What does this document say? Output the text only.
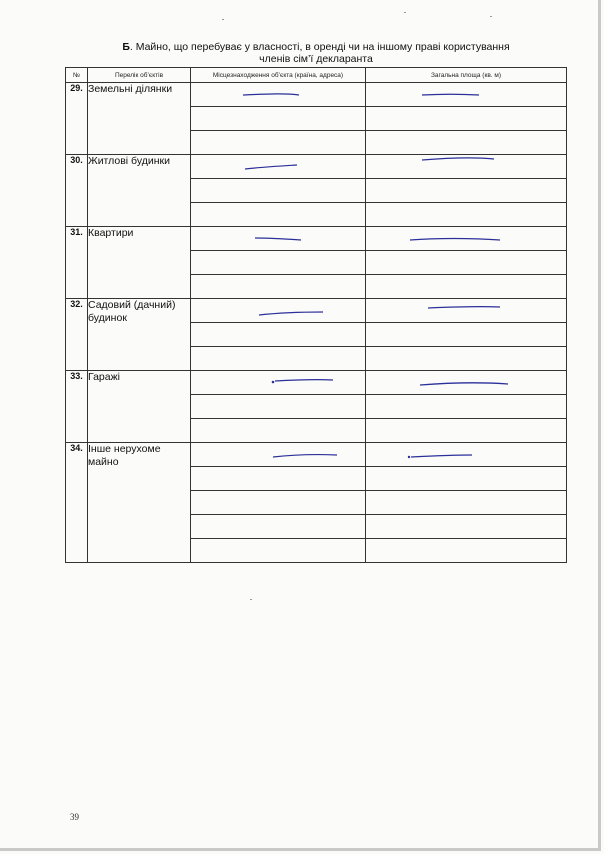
Б. Майно, що перебуває у власності, в оренді чи на іншому праві користування
членів сім’ї декларанта
№	Перелік об’єктів	Місцезнаходження об’єкта (країна, адреса)	Загальна площа (кв. м)
29.	Земельні ділянки	

30.	Житлові будинки	

31.	Квартири	

32.	Садовий (дачний) будинок	

33.	Гаражі	

34.	Інше нерухоме майно	

39
